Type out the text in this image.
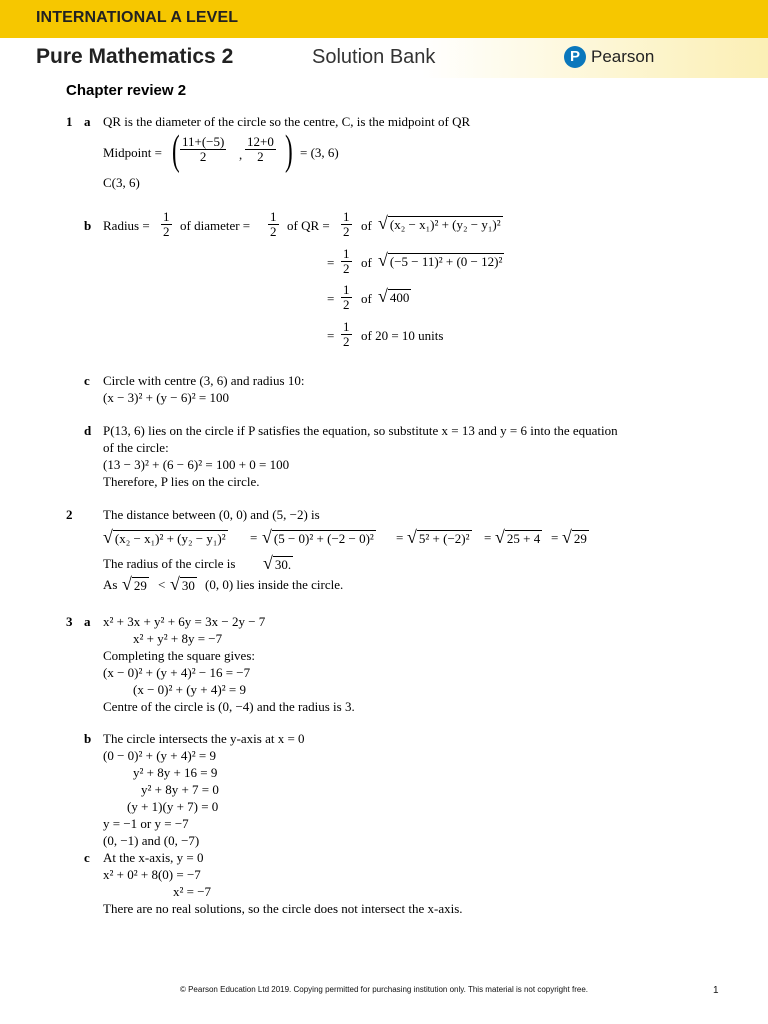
INTERNATIONAL A LEVEL
Pure Mathematics 2	Solution Bank	P Pearson
Chapter review 2
1 a QR is the diameter of the circle so the centre, C, is the midpoint of QR
Midpoint = ( $\frac{11+(-5)}{2}$ , $\frac{12+0}{2}$ ) = (3, 6)
C(3, 6)
b Radius = $\frac{1}{2}$ of diameter = $\frac{1}{2}$ of QR = $\frac{1}{2}$ of √ (x₂ − x₁)² + (y₂ − y₁)²
= $\frac{1}{2}$ of √ (−5 − 11)² + (0 − 12)²
= $\frac{1}{2}$ of √ 400
= $\frac{1}{2}$ of 20 = 10 units
c Circle with centre (3, 6) and radius 10:
(x − 3)² + (y − 6)² = 100
d P(13, 6) lies on the circle if P satisfies the equation, so substitute x = 13 and y = 6 into the equation
of the circle:
(13 − 3)² + (6 − 6)² = 100 + 0 = 100
Therefore, P lies on the circle.
2 The distance between (0, 0) and (5, −2) is
√ (x₂ − x₁)² + (y₂ − y₁)² = √ (5 − 0)² + (−2 − 0)² = √ 5² + (−2)² = √ 25 + 4 = √ 29
The radius of the circle is √ 30.
As √ 29 < √ 30 (0, 0) lies inside the circle.
3 a x² + 3x + y² + 6y = 3x − 2y − 7
x² + y² + 8y = −7
Completing the square gives:
(x − 0)² + (y + 4)² − 16 = −7
(x − 0)² + (y + 4)² = 9
Centre of the circle is (0, −4) and the radius is 3.
b The circle intersects the y-axis at x = 0
(0 − 0)² + (y + 4)² = 9
y² + 8y + 16 = 9
y² + 8y + 7 = 0
(y + 1)(y + 7) = 0
y = −1 or y = −7
(0, −1) and (0, −7)
c At the x-axis, y = 0
x² + 0² + 8(0) = −7
x² = −7
There are no real solutions, so the circle does not intersect the x-axis.
© Pearson Education Ltd 2019. Copying permitted for purchasing institution only. This material is not copyright free.	1
